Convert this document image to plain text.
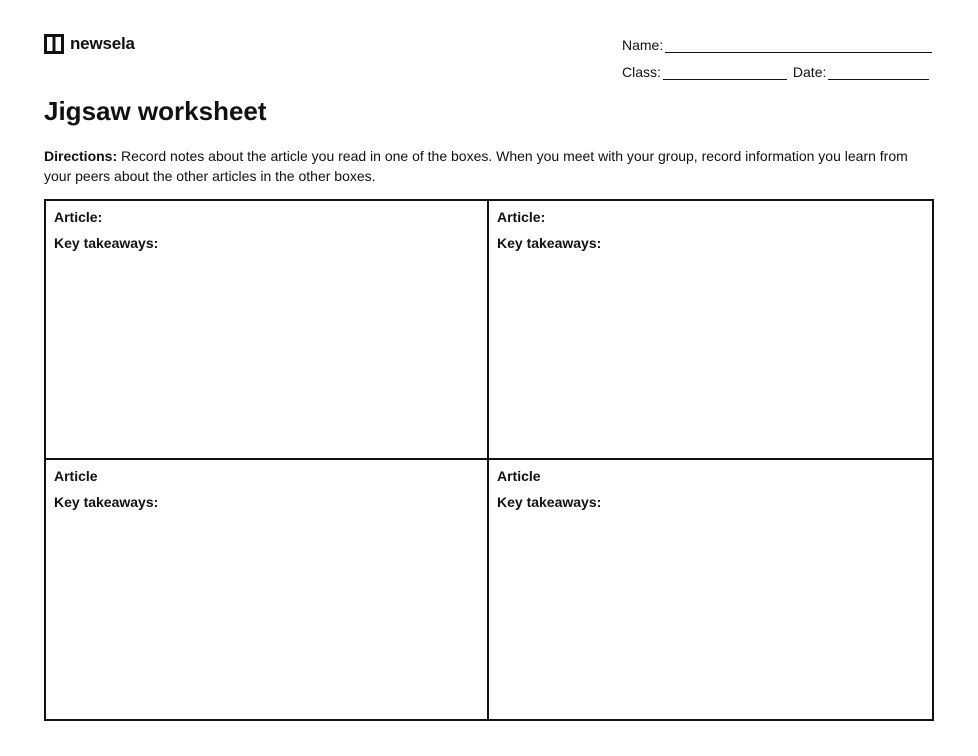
newsela	Name:
Class:	Date:
Jigsaw worksheet
Directions: Record notes about the article you read in one of the boxes. When you meet with your group, record information you learn from your peers about the other articles in the other boxes.

Article:

Key takeaways:

Article:

Key takeaways:

Article

Key takeaways:

Article

Key takeaways:
